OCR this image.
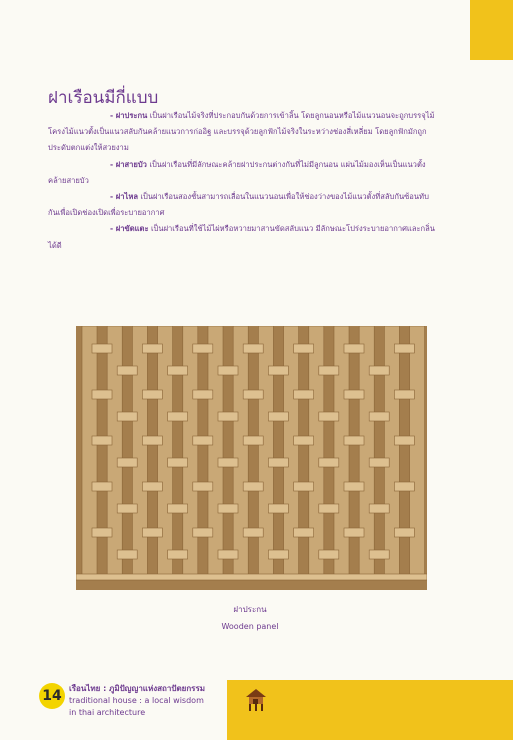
ฝาเรือนมีกี่แบบ

- ฝาประกน เป็นฝาเรือนไม้จริงที่ประกอบกันด้วยการเข้าลิ้น โดยลูกนอนหรือไม้แนวนอนจะถูกบรรจุไม้โครงไม้แนวตั้งเป็นแนวสลับกันคล้ายแนวการก่ออิฐ และบรรจุด้วยลูกฟักไม้จริงในระหว่างช่องสี่เหลี่ยม โดยลูกฟักมักถูกประดับตกแต่งให้สวยงาม

- ฝาสายบัว เป็นฝาเรือนที่มีลักษณะคล้ายฝาประกนต่างกันที่ไม่มีลูกนอน แผ่นไม้มองเห็นเป็นแนวตั้งคล้ายสายบัว

- ฝาไหล เป็นฝาเรือนสองชั้นสามารถเลื่อนในแนวนอนเพื่อให้ช่องว่างของไม้แนวตั้งที่สลับกันซ้อนทับกันเพื่อเปิดช่องเปิดเพื่อระบายอากาศ

- ฝาขัดแตะ เป็นฝาเรือนที่ใช้ไม้ไผ่หรือหวายมาสานขัดสลับแนว มีลักษณะโปร่งระบายอากาศและกลิ่นได้ดี

ฝาประกน
Wooden panel
14 เรือนไทย : ภูมิปัญญาแห่งสถาปัตยกรรม
traditional house : a local wisdom
in thai architecture
